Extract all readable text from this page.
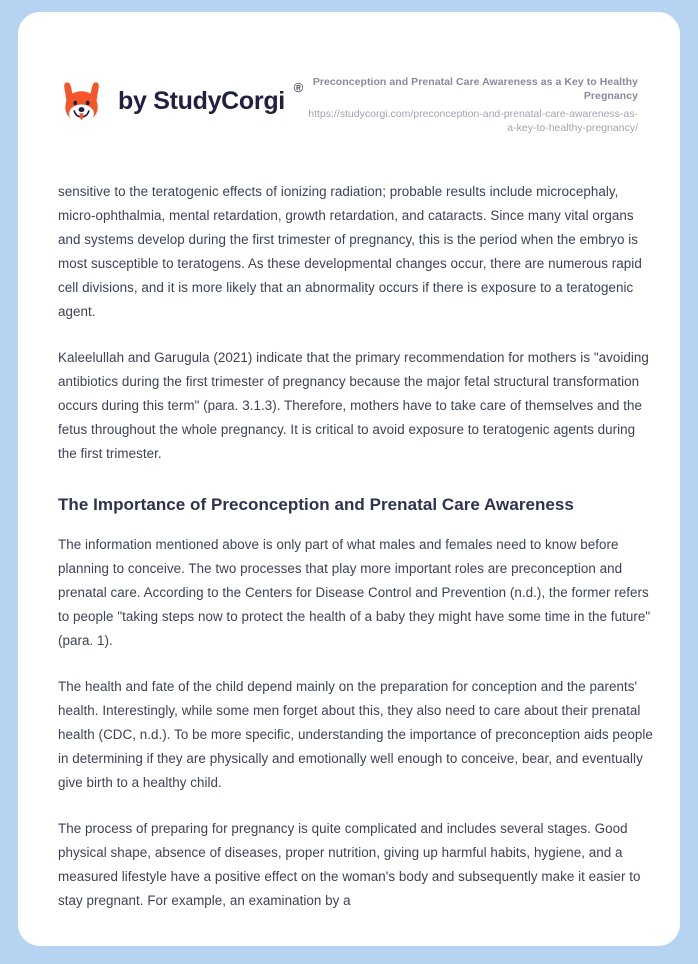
by StudyCorgi ® Preconception and Prenatal Care Awareness as a Key to Healthy Pregnancy
https://studycorgi.com/preconception-and-prenatal-care-awareness-as-a-key-to-healthy-pregnancy/

sensitive to the teratogenic effects of ionizing radiation; probable results include microcephaly, micro-ophthalmia, mental retardation, growth retardation, and cataracts. Since many vital organs and systems develop during the first trimester of pregnancy, this is the period when the embryo is most susceptible to teratogens. As these developmental changes occur, there are numerous rapid cell divisions, and it is more likely that an abnormality occurs if there is exposure to a teratogenic agent.

Kaleelullah and Garugula (2021) indicate that the primary recommendation for mothers is "avoiding antibiotics during the first trimester of pregnancy because the major fetal structural transformation occurs during this term" (para. 3.1.3). Therefore, mothers have to take care of themselves and the fetus throughout the whole pregnancy. It is critical to avoid exposure to teratogenic agents during the first trimester.

The Importance of Preconception and Prenatal Care Awareness

The information mentioned above is only part of what males and females need to know before planning to conceive. The two processes that play more important roles are preconception and prenatal care. According to the Centers for Disease Control and Prevention (n.d.), the former refers to people "taking steps now to protect the health of a baby they might have some time in the future" (para. 1).

The health and fate of the child depend mainly on the preparation for conception and the parents' health. Interestingly, while some men forget about this, they also need to care about their prenatal health (CDC, n.d.). To be more specific, understanding the importance of preconception aids people in determining if they are physically and emotionally well enough to conceive, bear, and eventually give birth to a healthy child.

The process of preparing for pregnancy is quite complicated and includes several stages. Good physical shape, absence of diseases, proper nutrition, giving up harmful habits, hygiene, and a measured lifestyle have a positive effect on the woman's body and subsequently make it easier to stay pregnant. For example, an examination by a
